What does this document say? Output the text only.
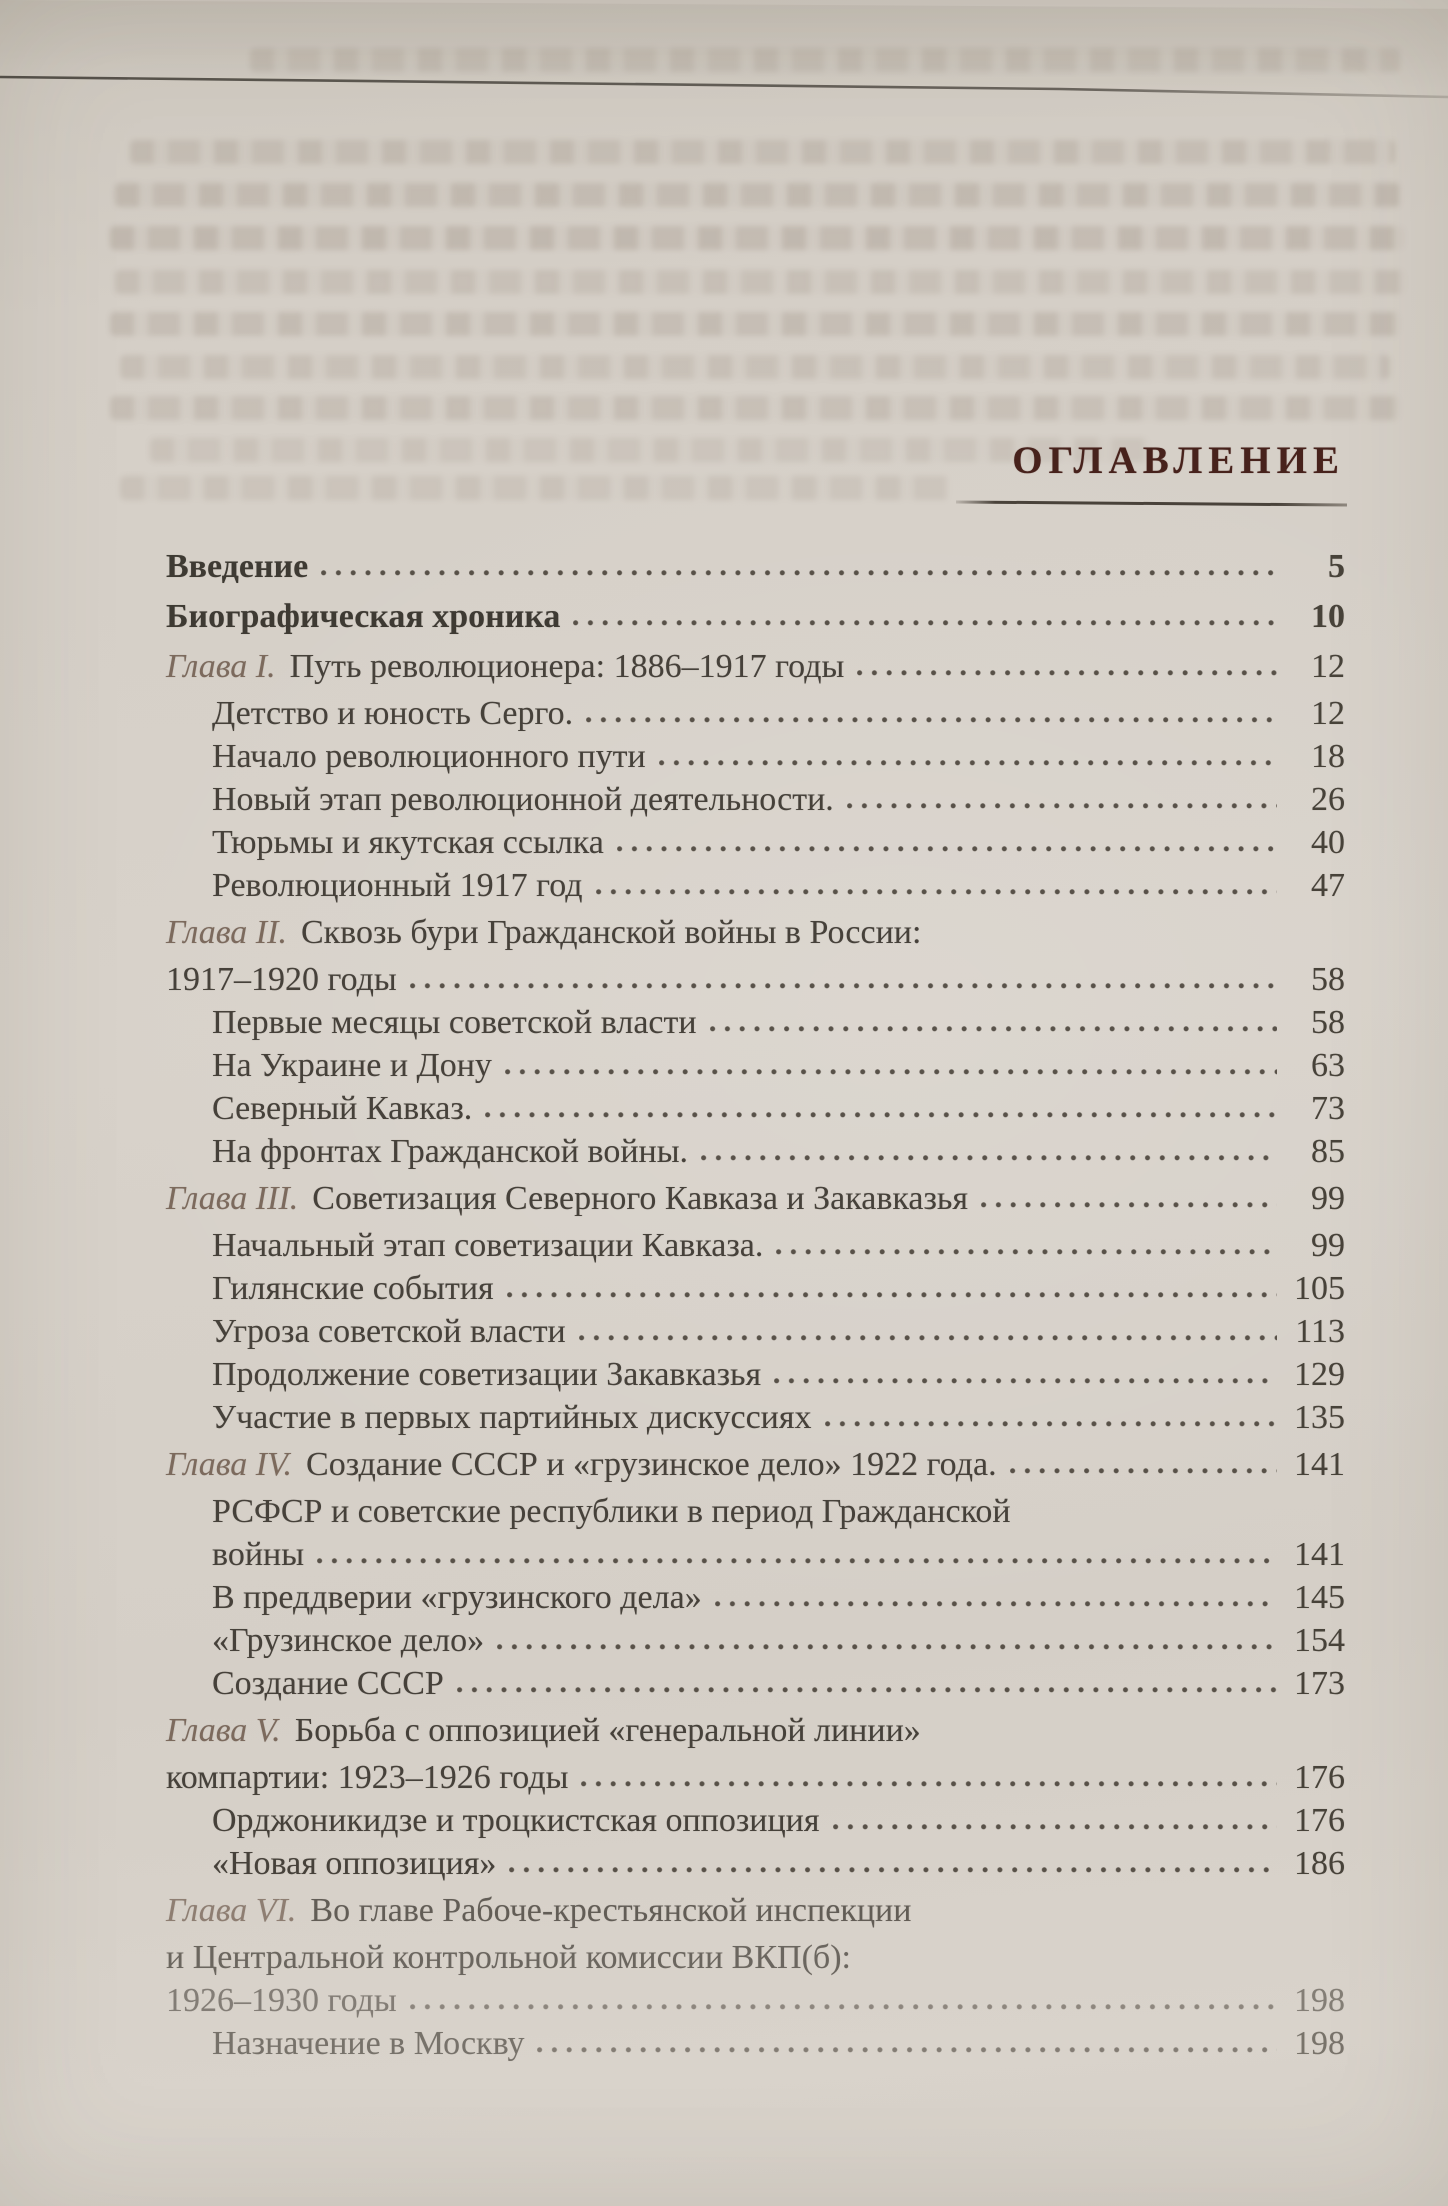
ОГЛАВЛЕНИЕ
Введение	5
Биографическая хроника	10
Глава I. Путь революционера: 1886–1917 годы	12
Детство и юность Серго.	12
Начало революционного пути	18
Новый этап революционной деятельности.	26
Тюрьмы и якутская ссылка	40
Революционный 1917 год	47
Глава II. Сквозь бури Гражданской войны в России:
1917–1920 годы	58
Первые месяцы советской власти	58
На Украине и Дону	63
Северный Кавказ.	73
На фронтах Гражданской войны.	85
Глава III. Советизация Северного Кавказа и Закавказья	99
Начальный этап советизации Кавказа.	99
Гилянские события	105
Угроза советской власти	113
Продолжение советизации Закавказья	129
Участие в первых партийных дискуссиях	135
Глава IV. Создание СССР и «грузинское дело» 1922 года.	141
РСФСР и советские республики в период Гражданской
войны	141
В преддверии «грузинского дела»	145
«Грузинское дело»	154
Создание СССР	173
Глава V. Борьба с оппозицией «генеральной линии»
компартии: 1923–1926 годы	176
Орджоникидзе и троцкистская оппозиция	176
«Новая оппозиция»	186
Глава VI. Во главе Рабоче-крестьянской инспекции
и Центральной контрольной комиссии ВКП(б):
1926–1930 годы	198
Назначение в Москву	198
